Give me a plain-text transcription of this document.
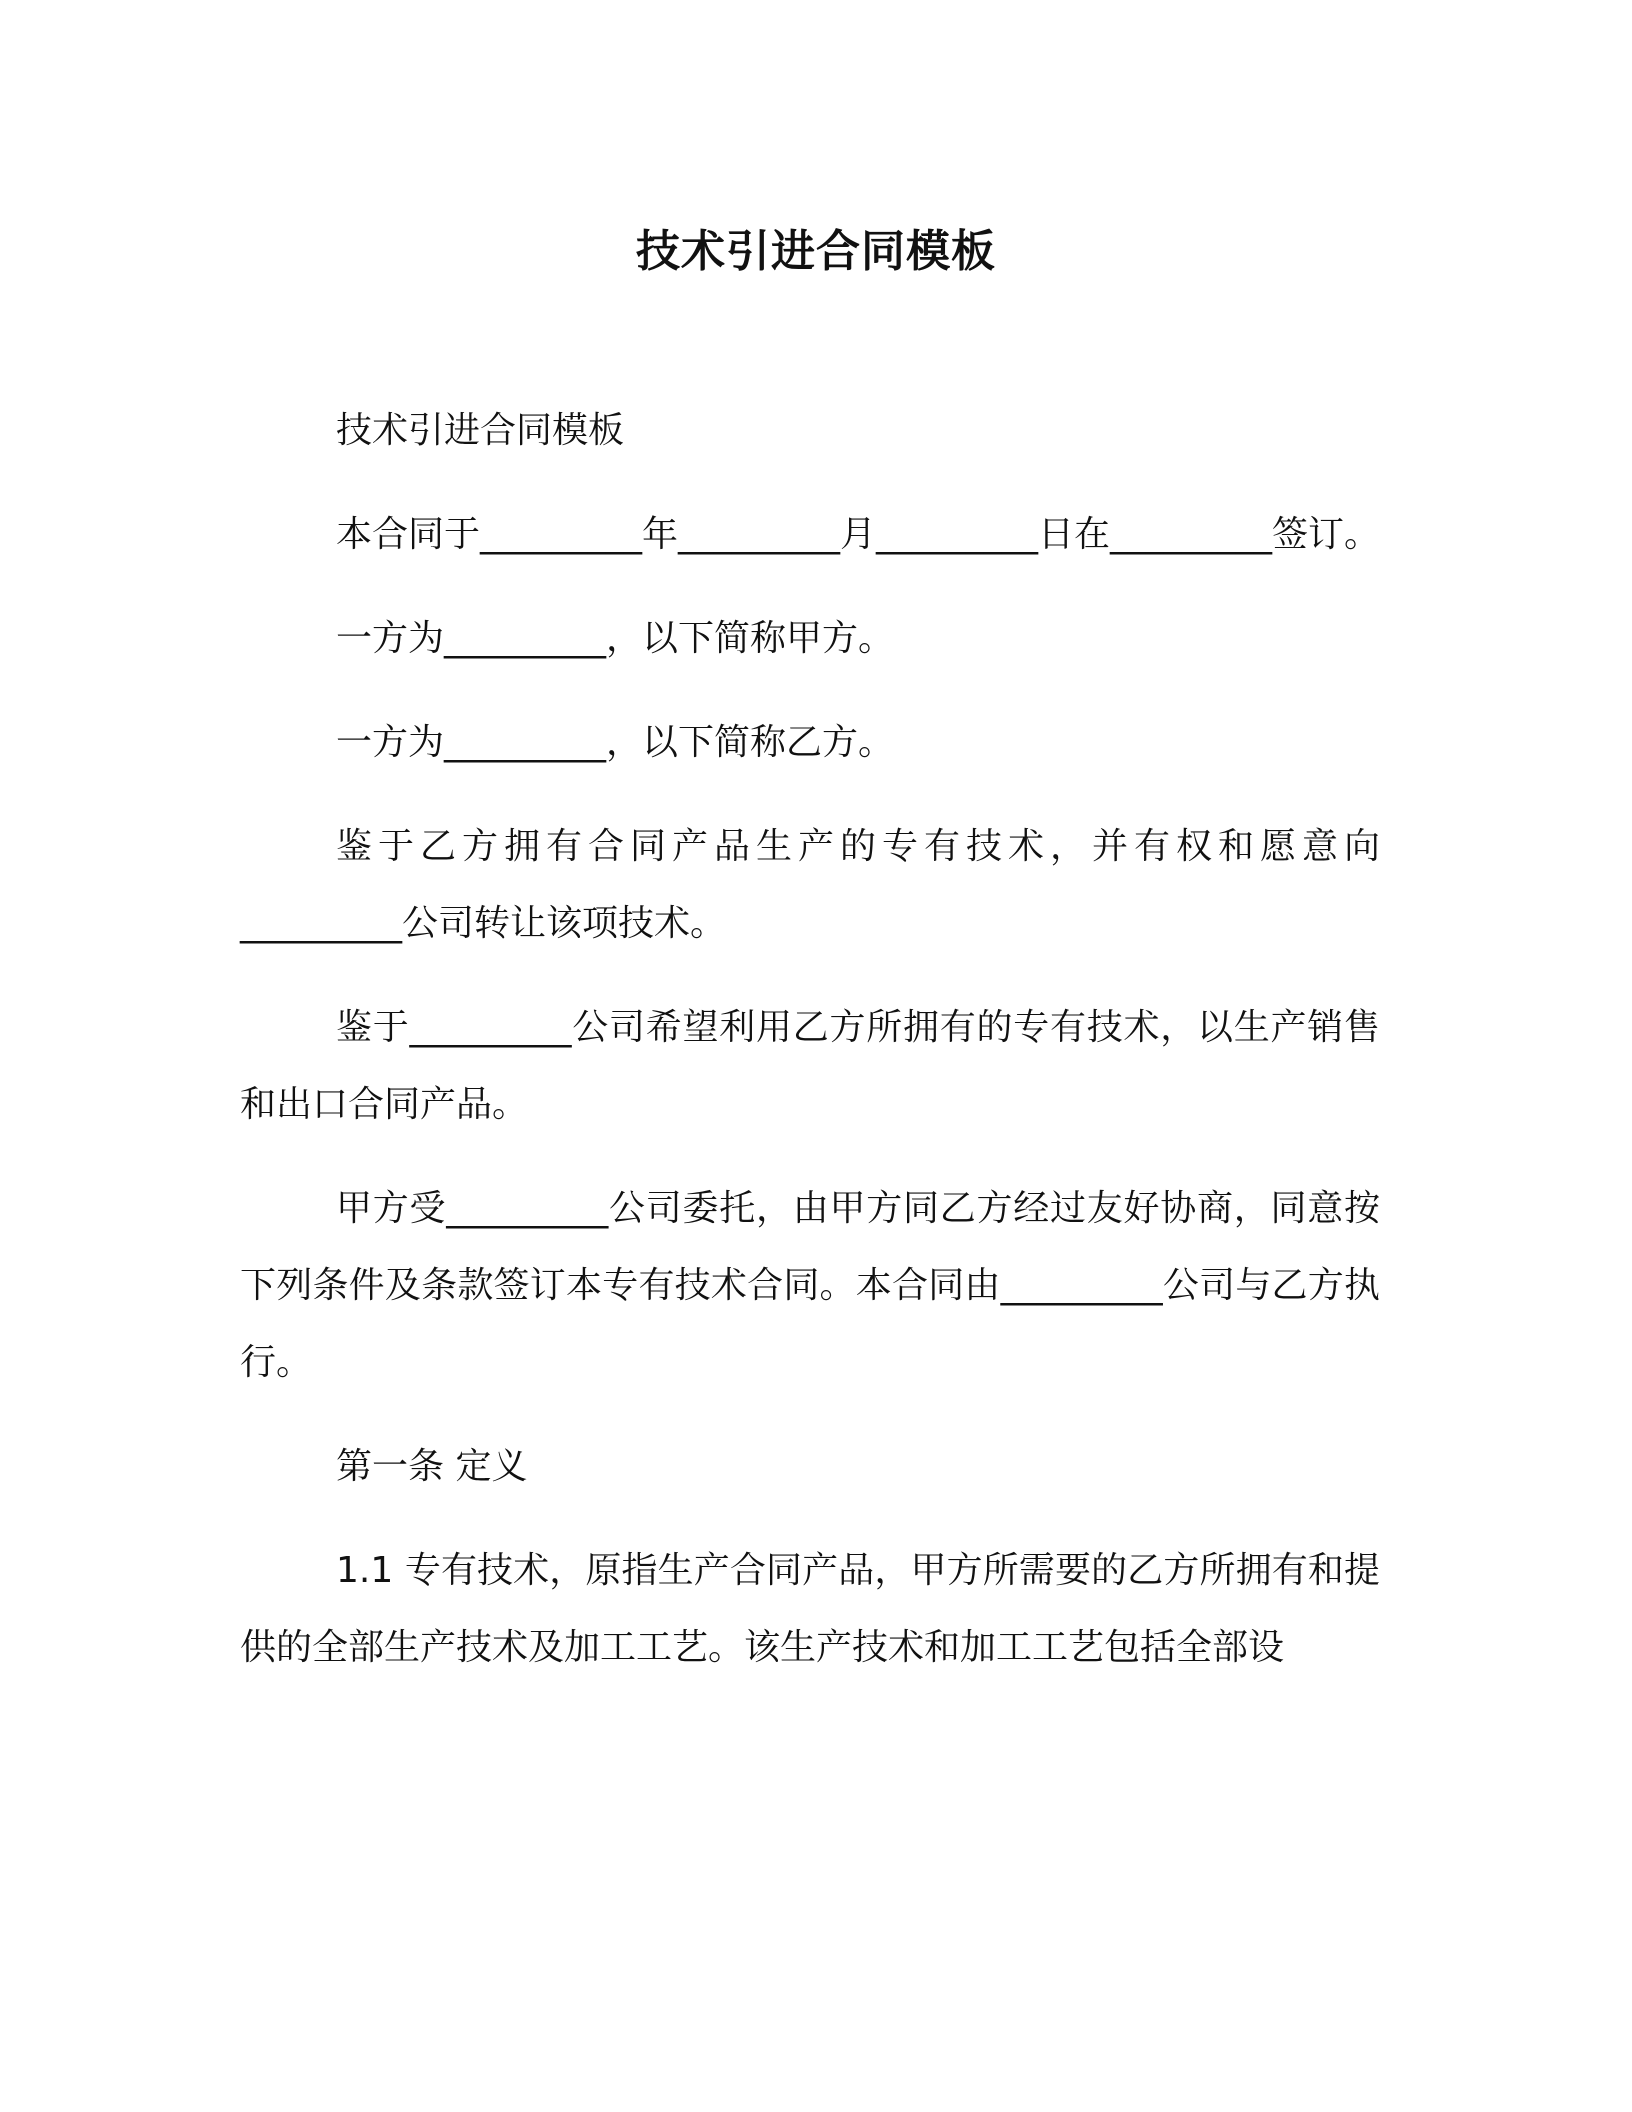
技术引进合同模板

技术引进合同模板

本合同于_________年_________月_________日在_________签订。

一方为_________，以下简称甲方。

一方为_________，以下简称乙方。

鉴于乙方拥有合同产品生产的专有技术，并有权和愿意向_________公司转让该项技术。

鉴于_________公司希望利用乙方所拥有的专有技术，以生产销售和出口合同产品。

甲方受_________公司委托，由甲方同乙方经过友好协商，同意按下列条件及条款签订本专有技术合同。本合同由_________公司与乙方执行。

第一条 定义

1.1 专有技术，原指生产合同产品，甲方所需要的乙方所拥有和提供的全部生产技术及加工工艺。该生产技术和加工工艺包括全部设
